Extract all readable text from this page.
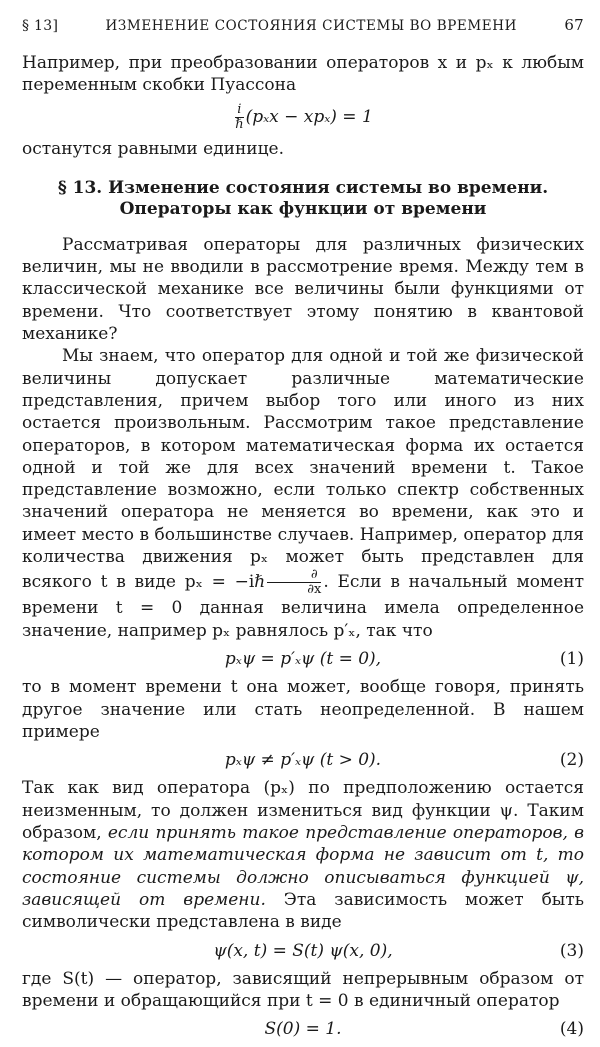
§ 13]	ИЗМЕНЕНИЕ СОСТОЯНИЯ СИСТЕМЫ ВО ВРЕМЕНИ	67

Например, при преобразовании операторов x и pₓ к любым переменным скобки Пуассона

$\frac{i}{\text{ℏ}} (p_xx - xp_x) = 1$

останутся равными единице.

§ 13. Изменение состояния системы во времени.
Операторы как функции от времени

Рассматривая операторы для различных физических величин, мы не вводили в рассмотрение время. Между тем в классической механике все величины были функциями от времени. Что соответствует этому понятию в квантовой механике?

Мы знаем, что оператор для одной и той же физической величины допускает различные математические представления, причем выбор того или иного из них остается произвольным. Рассмотрим такое представление операторов, в котором математическая форма их остается одной и той же для всех значений времени t. Такое представление возможно, если только спектр собственных значений оператора не меняется во времени, как это и имеет место в большинстве случаев. Например, оператор для количества движения pₓ может быть представлен для всякого t в виде pₓ = −iℏ $\frac{\partial}{\partial x}$ . Если в начальный момент времени t = 0 данная величина имела определенное значение, например pₓ равнялось p′ₓ, так что

pₓψ = p′ₓψ (t = 0),	(1)

то в момент времени t она может, вообще говоря, принять другое значение или стать неопределенной. В нашем примере

pₓψ ≠ p′ₓψ (t > 0).	(2)

Так как вид оператора (pₓ) по предположению остается неизменным, то должен измениться вид функции ψ. Таким образом, если принять такое представление операторов, в котором их математическая форма не зависит от t, то состояние системы должно описываться функцией ψ, зависящей от времени. Эта зависимость может быть символически представлена в виде

ψ(x, t) = S(t) ψ(x, 0),	(3)

где S(t) — оператор, зависящий непрерывным образом от времени и обращающийся при t = 0 в единичный оператор

S(0) = 1.	(4)
